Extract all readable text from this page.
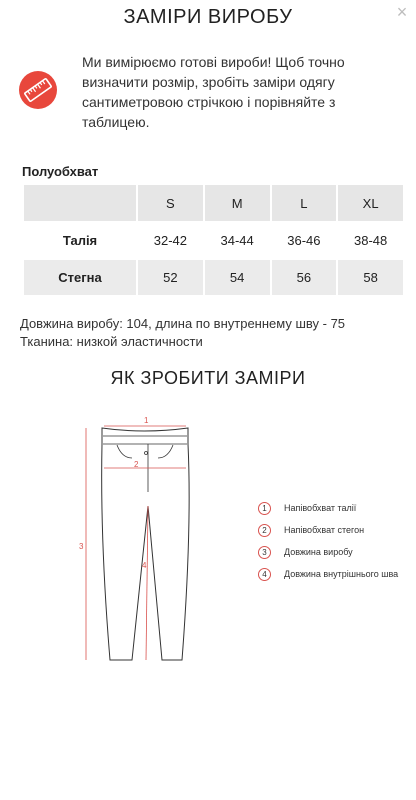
ЗАМІРИ ВИРОБУ	×
Ми вимірюємо готові вироби! Щоб точно визначити розмір, зробіть заміри одягу сантиметровою стрічкою і порівняйте з таблицею.
Полуобхват
	S	M	L	XL
Талія	32-42	34-44	36-46	38-48
Стегна	52	54	56	58
Довжина виробу: 104, длина по внутреннему шву - 75
Тканина: низкой эластичности
ЯК ЗРОБИТИ ЗАМІРИ
1
2
3
4
1	Напівобхват талії
2	Напівобхват стегон
3	Довжина виробу
4	Довжина внутрішнього шва
